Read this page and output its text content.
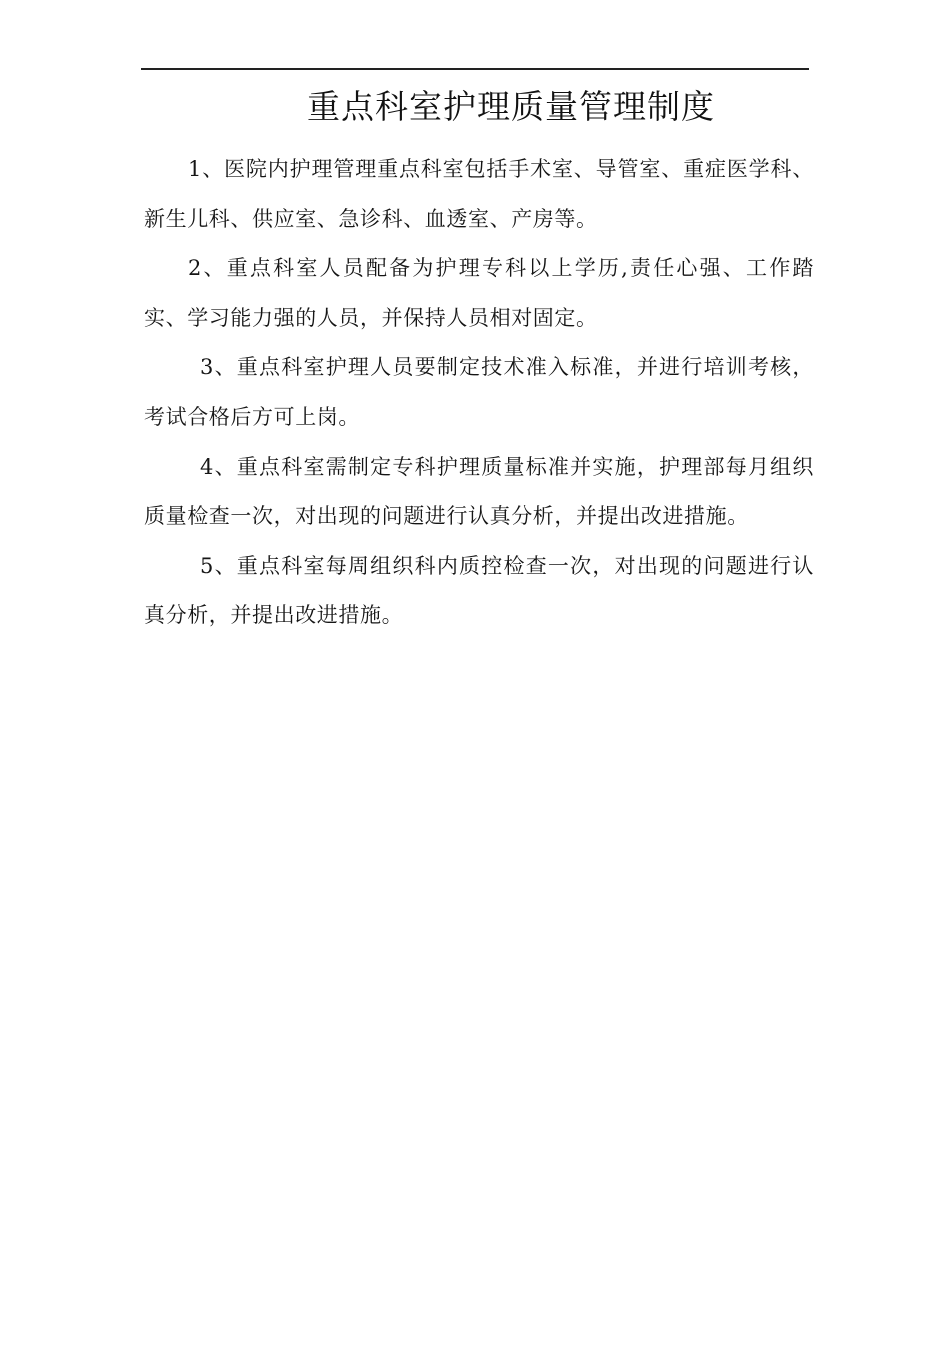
重点科室护理质量管理制度

1、医院内护理管理重点科室包括手术室、导管室、重症医学科、新生儿科、供应室、急诊科、血透室、产房等。

2、重点科室人员配备为护理专科以上学历,责任心强、工作踏实、学习能力强的人员，并保持人员相对固定。

3、重点科室护理人员要制定技术准入标准，并进行培训考核，考试合格后方可上岗。

4、重点科室需制定专科护理质量标准并实施，护理部每月组织质量检查一次，对出现的问题进行认真分析，并提出改进措施。

5、重点科室每周组织科内质控检查一次，对出现的问题进行认真分析，并提出改进措施。
